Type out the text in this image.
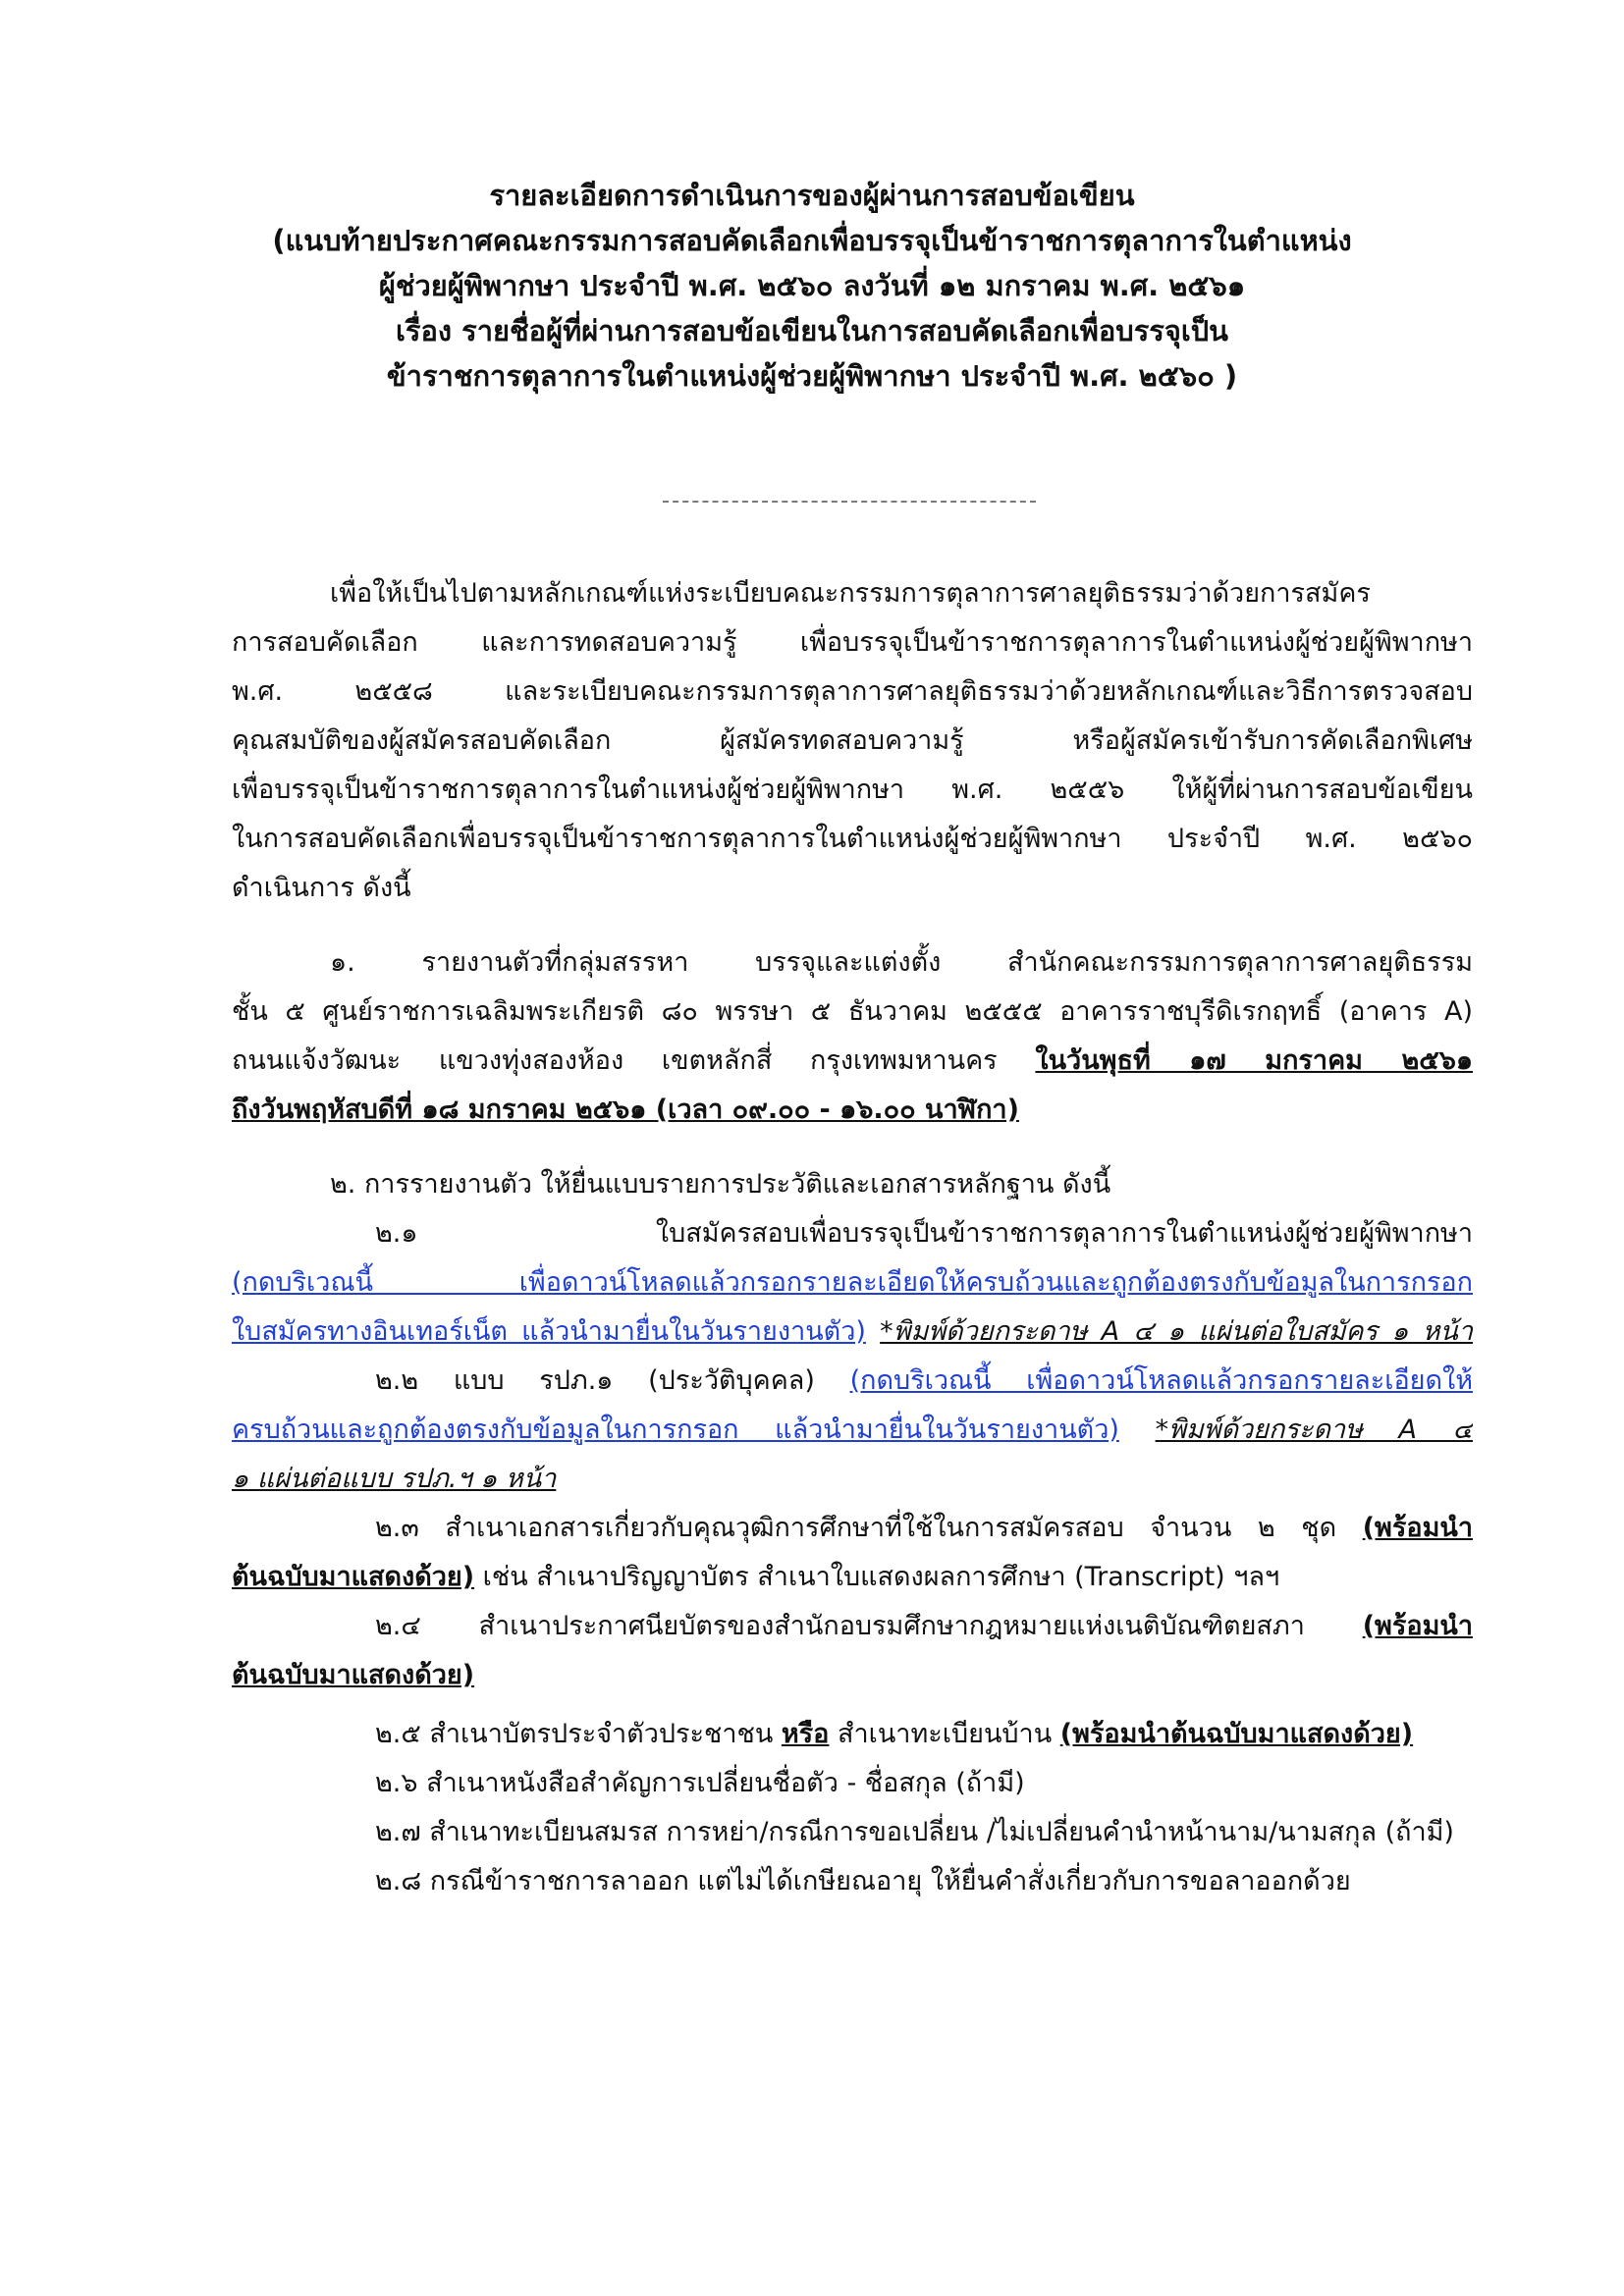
รายละเอียดการดำเนินการของผู้ผ่านการสอบข้อเขียน
(แนบท้ายประกาศคณะกรรมการสอบคัดเลือกเพื่อบรรจุเป็นข้าราชการตุลาการในตำแหน่ง
ผู้ช่วยผู้พิพากษา ประจำปี พ.ศ. ๒๕๖๐ ลงวันที่ ๑๒ มกราคม พ.ศ. ๒๕๖๑
เรื่อง รายชื่อผู้ที่ผ่านการสอบข้อเขียนในการสอบคัดเลือกเพื่อบรรจุเป็น
ข้าราชการตุลาการในตำแหน่งผู้ช่วยผู้พิพากษา ประจำปี พ.ศ. ๒๕๖๐ )
เพื่อให้เป็นไปตามหลักเกณฑ์แห่งระเบียบคณะกรรมการตุลาการศาลยุติธรรมว่าด้วยการสมัคร
การสอบคัดเลือก และการทดสอบความรู้ เพื่อบรรจุเป็นข้าราชการตุลาการในตำแหน่งผู้ช่วยผู้พิพากษา
พ.ศ. ๒๕๕๘ และระเบียบคณะกรรมการตุลาการศาลยุติธรรมว่าด้วยหลักเกณฑ์และวิธีการตรวจสอบ
คุณสมบัติของผู้สมัครสอบคัดเลือก ผู้สมัครทดสอบความรู้ หรือผู้สมัครเข้ารับการคัดเลือกพิเศษ
เพื่อบรรจุเป็นข้าราชการตุลาการในตำแหน่งผู้ช่วยผู้พิพากษา พ.ศ. ๒๕๕๖ ให้ผู้ที่ผ่านการสอบข้อเขียน
ในการสอบคัดเลือกเพื่อบรรจุเป็นข้าราชการตุลาการในตำแหน่งผู้ช่วยผู้พิพากษา ประจำปี พ.ศ. ๒๕๖๐
ดำเนินการ ดังนี้
๑. รายงานตัวที่กลุ่มสรรหา บรรจุและแต่งตั้ง สำนักคณะกรรมการตุลาการศาลยุติธรรม
ชั้น ๕ ศูนย์ราชการเฉลิมพระเกียรติ ๘๐ พรรษา ๕ ธันวาคม ๒๕๕๕ อาคารราชบุรีดิเรกฤทธิ์ (อาคาร A)
ถนนแจ้งวัฒนะ แขวงทุ่งสองห้อง เขตหลักสี่ กรุงเทพมหานคร ในวันพุธที่ ๑๗ มกราคม ๒๕๖๑
ถึงวันพฤหัสบดีที่ ๑๘ มกราคม ๒๕๖๑ (เวลา ๐๙.๐๐ - ๑๖.๐๐ นาฬิกา)
๒. การรายงานตัว ให้ยื่นแบบรายการประวัติและเอกสารหลักฐาน ดังนี้
๒.๑ ใบสมัครสอบเพื่อบรรจุเป็นข้าราชการตุลาการในตำแหน่งผู้ช่วยผู้พิพากษา
(กดบริเวณนี้ เพื่อดาวน์โหลดแล้วกรอกรายละเอียดให้ครบถ้วนและถูกต้องตรงกับข้อมูลในการกรอก
ใบสมัครทางอินเทอร์เน็ต แล้วนำมายื่นในวันรายงานตัว) *พิมพ์ด้วยกระดาษ A ๔ ๑ แผ่นต่อใบสมัคร ๑ หน้า
๒.๒ แบบ รปภ.๑ (ประวัติบุคคล) (กดบริเวณนี้ เพื่อดาวน์โหลดแล้วกรอกรายละเอียดให้
ครบถ้วนและถูกต้องตรงกับข้อมูลในการกรอก แล้วนำมายื่นในวันรายงานตัว) *พิมพ์ด้วยกระดาษ A ๔
๑ แผ่นต่อแบบ รปภ.ฯ ๑ หน้า
๒.๓ สำเนาเอกสารเกี่ยวกับคุณวุฒิการศึกษาที่ใช้ในการสมัครสอบ จำนวน ๒ ชุด (พร้อมนำ
ต้นฉบับมาแสดงด้วย) เช่น สำเนาปริญญาบัตร สำเนาใบแสดงผลการศึกษา (Transcript) ฯลฯ
๒.๔ สำเนาประกาศนียบัตรของสำนักอบรมศึกษากฎหมายแห่งเนติบัณฑิตยสภา (พร้อมนำ
ต้นฉบับมาแสดงด้วย)
๒.๕ สำเนาบัตรประจำตัวประชาชน หรือ สำเนาทะเบียนบ้าน (พร้อมนำต้นฉบับมาแสดงด้วย)
๒.๖ สำเนาหนังสือสำคัญการเปลี่ยนชื่อตัว - ชื่อสกุล (ถ้ามี)
๒.๗ สำเนาทะเบียนสมรส การหย่า/กรณีการขอเปลี่ยน /ไม่เปลี่ยนคำนำหน้านาม/นามสกุล (ถ้ามี)
๒.๘ กรณีข้าราชการลาออก แต่ไม่ได้เกษียณอายุ ให้ยื่นคำสั่งเกี่ยวกับการขอลาออกด้วย
